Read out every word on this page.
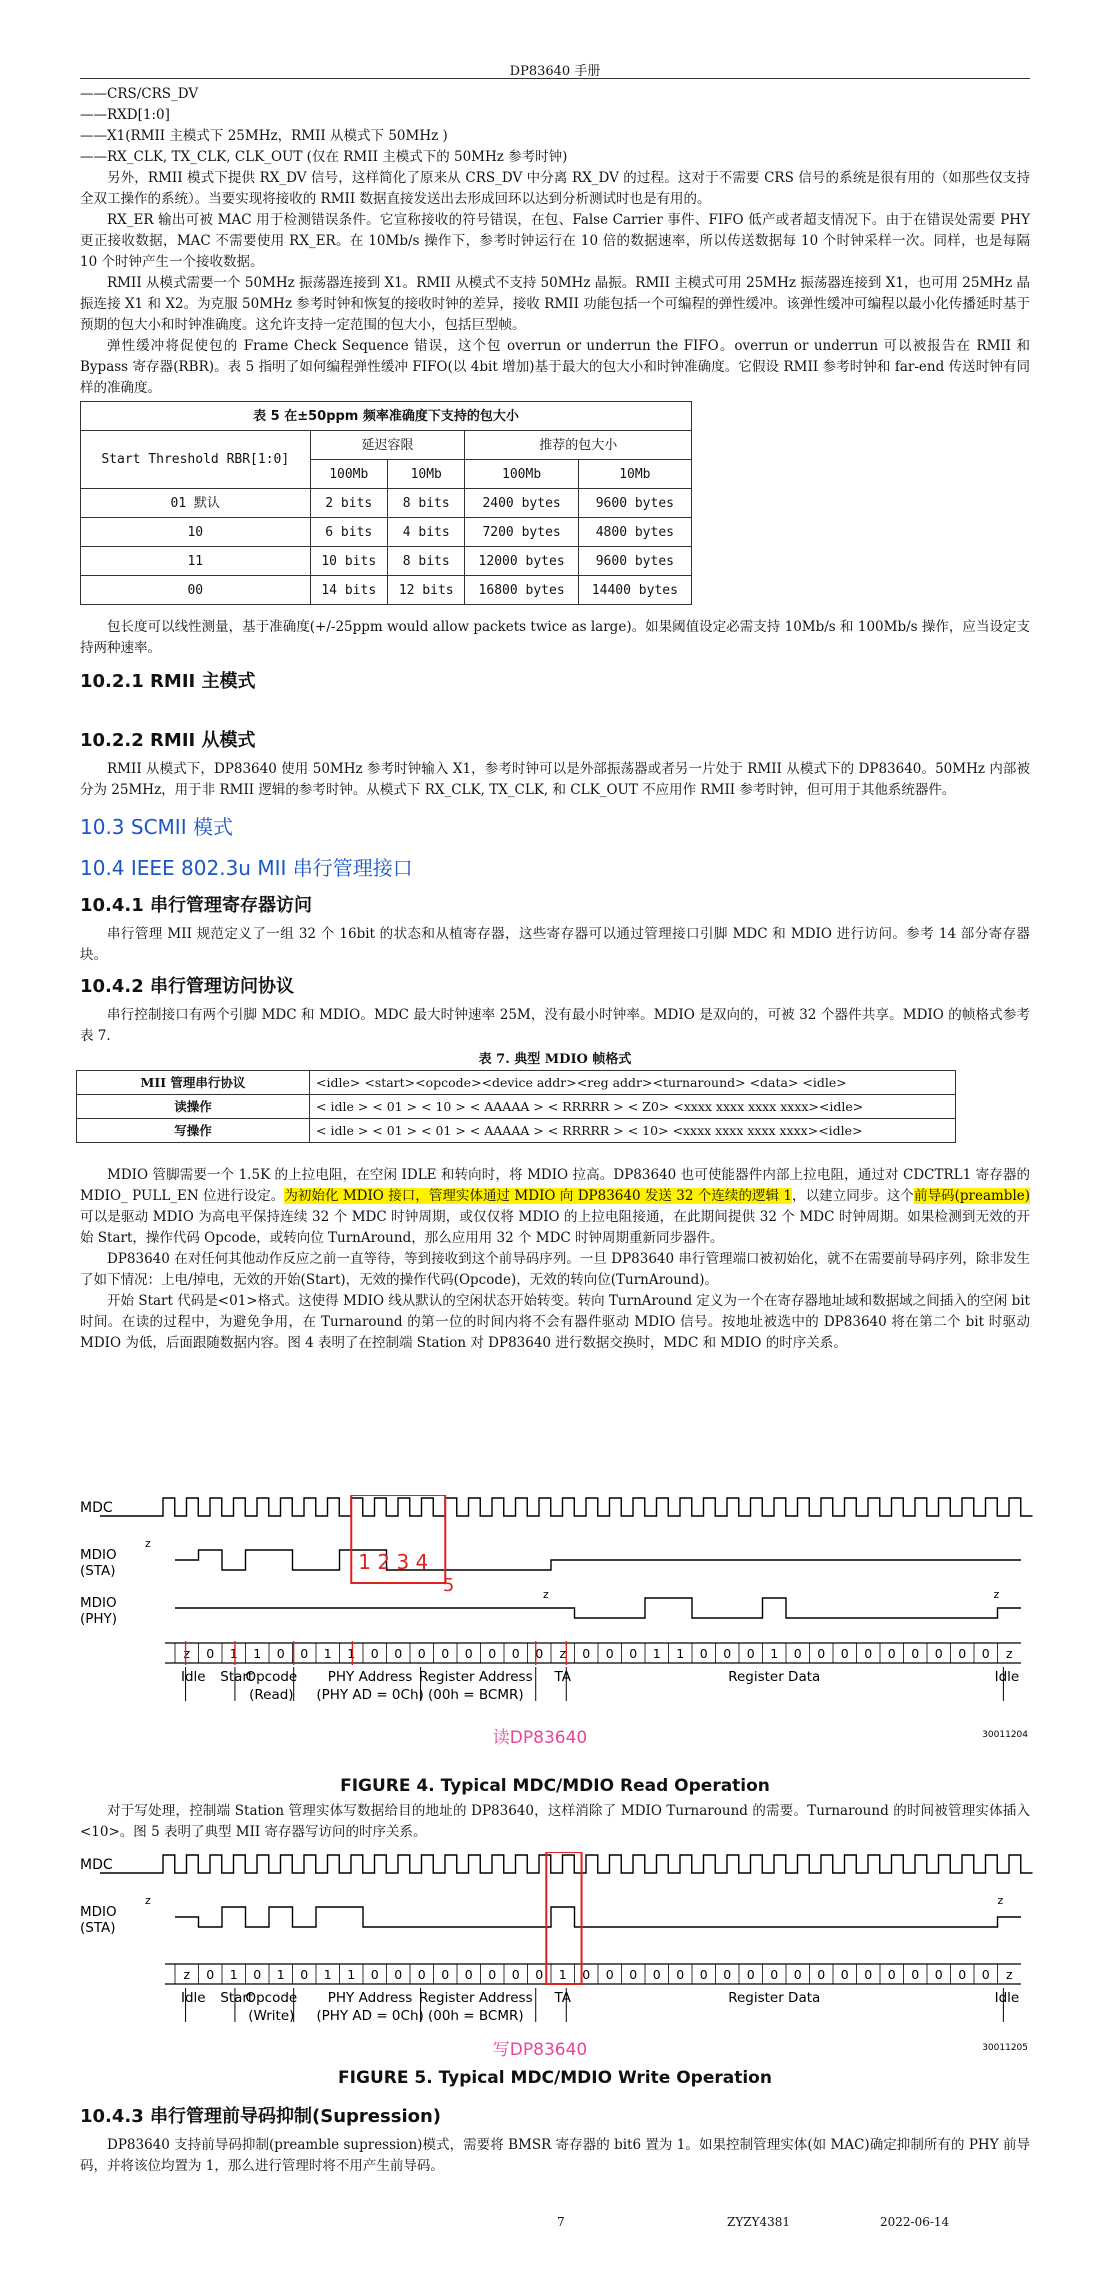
DP83640 手册

——CRS/CRS_DV

——RXD[1:0]

——X1(RMII 主模式下 25MHz，RMII 从模式下 50MHz )

——RX_CLK, TX_CLK, CLK_OUT (仅在 RMII 主模式下的 50MHz 参考时钟)

另外，RMII 模式下提供 RX_DV 信号，这样简化了原来从 CRS_DV 中分离 RX_DV 的过程。这对于不需要 CRS 信号的系统是很有用的（如那些仅支持全双工操作的系统）。当要实现将接收的 RMII 数据直接发送出去形成回环以达到分析测试时也是有用的。

RX_ER 输出可被 MAC 用于检测错误条件。它宣称接收的符号错误，在包、False Carrier 事件、FIFO 低产或者超支情况下。由于在错误处需要 PHY 更正接收数据，MAC 不需要使用 RX_ER。在 10Mb/s 操作下，参考时钟运行在 10 倍的数据速率，所以传送数据每 10 个时钟采样一次。同样，也是每隔 10 个时钟产生一个接收数据。

RMII 从模式需要一个 50MHz 振荡器连接到 X1。RMII 从模式不支持 50MHz 晶振。RMII 主模式可用 25MHz 振荡器连接到 X1，也可用 25MHz 晶振连接 X1 和 X2。为克服 50MHz 参考时钟和恢复的接收时钟的差异，接收 RMII 功能包括一个可编程的弹性缓冲。该弹性缓冲可编程以最小化传播延时基于预期的包大小和时钟准确度。这允许支持一定范围的包大小，包括巨型帧。

弹性缓冲将促使包的 Frame Check Sequence 错误，这个包 overrun or underrun the FIFO。overrun or underrun 可以被报告在 RMII 和 Bypass 寄存器(RBR)。表 5 指明了如何编程弹性缓冲 FIFO(以 4bit 增加)基于最大的包大小和时钟准确度。它假设 RMII 参考时钟和 far-end 传送时钟有同样的准确度。

表 5 在±50ppm 频率准确度下支持的包大小				
Start Threshold RBR[1:0]	延迟容限		推荐的包大小	
	100Mb	10Mb	100Mb	10Mb
01 默认	2 bits	8 bits	2400 bytes	9600 bytes
10	6 bits	4 bits	7200 bytes	4800 bytes
11	10 bits	8 bits	12000 bytes	9600 bytes
00	14 bits	12 bits	16800 bytes	14400 bytes

包长度可以线性测量，基于准确度(+/-25ppm would allow packets twice as large)。如果阈值设定必需支持 10Mb/s 和 100Mb/s 操作，应当设定支持两种速率。

10.2.1 RMII 主模式
10.2.2 RMII 从模式

RMII 从模式下，DP83640 使用 50MHz 参考时钟输入 X1，参考时钟可以是外部振荡器或者另一片处于 RMII 从模式下的 DP83640。50MHz 内部被分为 25MHz，用于非 RMII 逻辑的参考时钟。从模式下 RX_CLK, TX_CLK, 和 CLK_OUT 不应用作 RMII 参考时钟，但可用于其他系统器件。

10.3 SCMII 模式
10.4 IEEE 802.3u MII 串行管理接口
10.4.1 串行管理寄存器访问

串行管理 MII 规范定义了一组 32 个 16bit 的状态和从植寄存器，这些寄存器可以通过管理接口引脚 MDC 和 MDIO 进行访问。参考 14 部分寄存器块。

10.4.2 串行管理访问协议

串行控制接口有两个引脚 MDC 和 MDIO。MDC 最大时钟速率 25M，没有最小时钟率。MDIO 是双向的，可被 32 个器件共享。MDIO 的帧格式参考表 7.

表 7. 典型 MDIO 帧格式
MII 管理串行协议	<idle> <start><opcode><device addr><reg addr><turnaround> <data> <idle>
读操作	< idle > < 01 > < 10 > < AAAAA > < RRRRR > < Z0> <xxxx xxxx xxxx xxxx><idle>
写操作	< idle > < 01 > < 01 > < AAAAA > < RRRRR > < 10> <xxxx xxxx xxxx xxxx><idle>

MDIO 管脚需要一个 1.5K 的上拉电阻，在空闲 IDLE 和转向时，将 MDIO 拉高。DP83640 也可使能器件内部上拉电阻，通过对 CDCTRL1 寄存器的 MDIO_ PULL_EN 位进行设定。为初始化 MDIO 接口，管理实体通过 MDIO 向 DP83640 发送 32 个连续的逻辑 1，以建立同步。这个前导码(preamble)可以是驱动 MDIO 为高电平保持连续 32 个 MDC 时钟周期，或仅仅将 MDIO 的上拉电阻接通，在此期间提供 32 个 MDC 时钟周期。如果检测到无效的开始 Start，操作代码 Opcode，或转向位 TurnAround，那么应用用 32 个 MDC 时钟周期重新同步器件。

DP83640 在对任何其他动作反应之前一直等待，等到接收到这个前导码序列。一旦 DP83640 串行管理端口被初始化，就不在需要前导码序列，除非发生了如下情况：上电/掉电，无效的开始(Start)，无效的操作代码(Opcode)，无效的转向位(TurnAround)。

开始 Start 代码是<01>格式。这使得 MDIO 线从默认的空闲状态开始转变。转向 TurnAround 定义为一个在寄存器地址域和数据域之间插入的空闲 bit 时间。在读的过程中，为避免争用，在 Turnaround 的第一位的时间内将不会有器件驱动 MDIO 信号。按地址被选中的 DP83640 将在第二个 bit 时驱动 MDIO 为低，后面跟随数据内容。图 4 表明了在控制端 Station 对 DP83640 进行数据交换时，MDC 和 MDIO 的时序关系。

MDC
MDIO
(STA)
MDIO
(PHY)
z
z	z
z 0 1 1 0 0 1 1 0 0 0 0 0 0 0 0 z 0 0 0 1 1 0 0 0 1 0 0 0 0 0 0 0 0 0 z
Idle Start
Opcode
(Read)
PHY Address
(PHY AD = 0Ch)
Register Address
(00h = BCMR)
TA	Register Data	Idle
1 2 3 4
5
读DP83640	30011204
FIGURE 4. Typical MDC/MDIO Read Operation

对于写处理，控制端 Station 管理实体写数据给目的地址的 DP83640，这样消除了 MDIO Turnaround 的需要。Turnaround 的时间被管理实体插入<10>。图 5 表明了典型 MII 寄存器写访问的时序关系。

MDC
MDIO
(STA)
z	z
z 0 1 0 1 0 1 1 0 0 0 0 0 0 0 0 1 0 0 0 0 0 0 0 0 0 0 0 0 0 0 0 0 0 0 z
Idle Start
Opcode
(Write)
PHY Address
(PHY AD = 0Ch)
Register Address
(00h = BCMR)
TA	Register Data	Idle
写DP83640	30011205
FIGURE 5. Typical MDC/MDIO Write Operation
10.4.3 串行管理前导码抑制(Supression)

DP83640 支持前导码抑制(preamble supression)模式，需要将 BMSR 寄存器的 bit6 置为 1。如果控制管理实体(如 MAC)确定抑制所有的 PHY 前导码，并将该位均置为 1，那么进行管理时将不用产生前导码。

7	ZYZY4381	2022-06-14
